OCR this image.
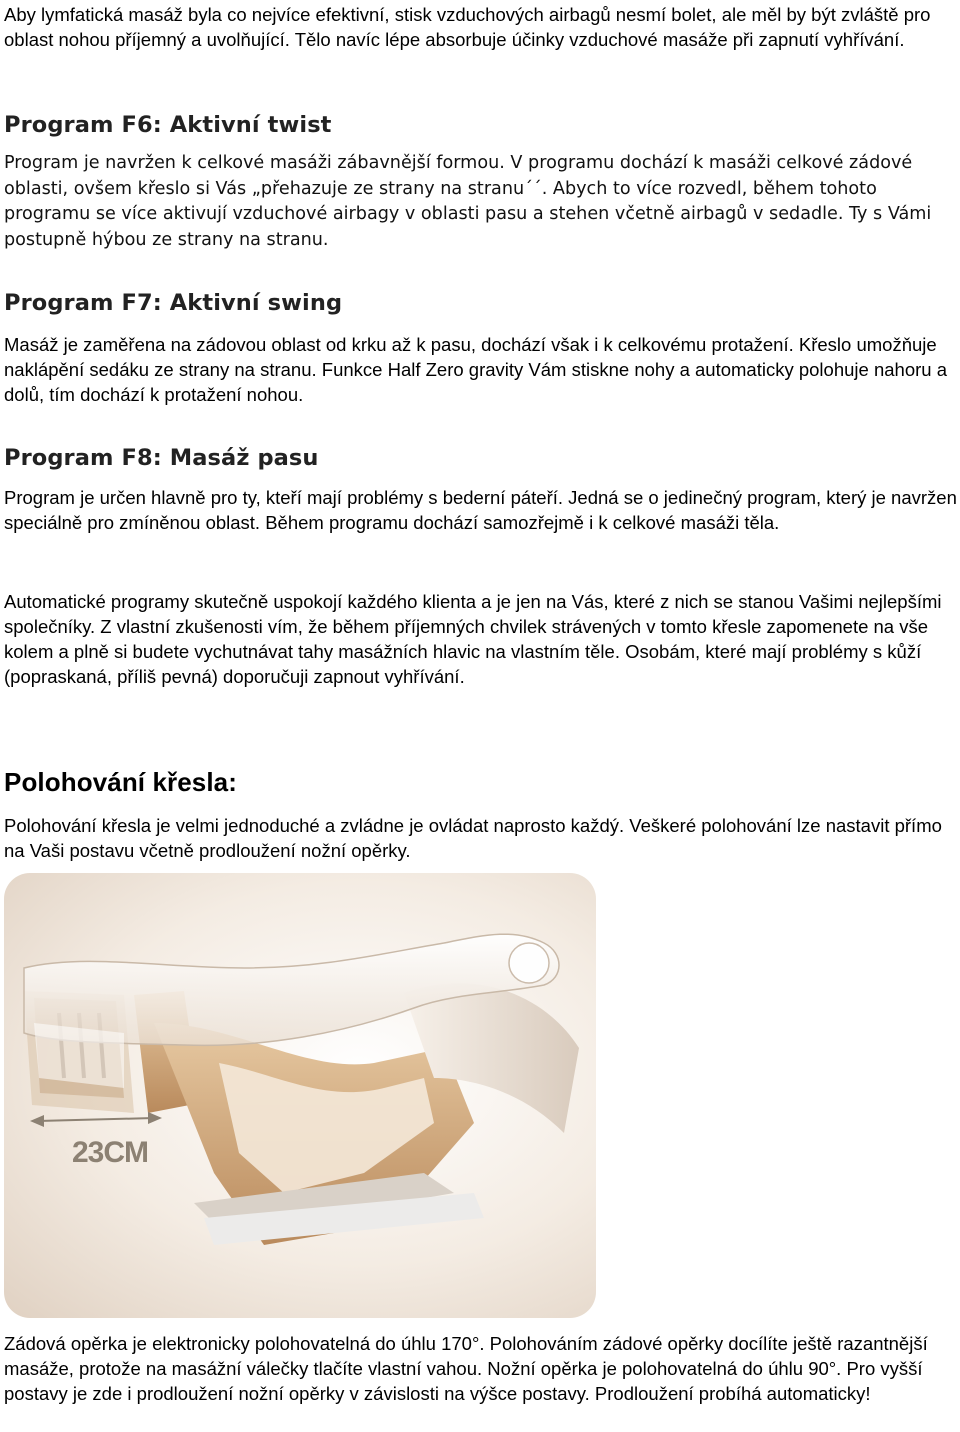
Aby lymfatická masáž byla co nejvíce efektivní, stisk vzduchových airbagů nesmí bolet, ale měl by být zvláště pro oblast nohou příjemný a uvolňující. Tělo navíc lépe absorbuje účinky vzduchové masáže při zapnutí vyhřívání.

Program F6: Aktivní twist

Program je navržen k celkové masáži zábavnější formou. V programu dochází k masáži celkové zádové oblasti, ovšem křeslo si Vás „přehazuje ze strany na stranu´´. Abych to více rozvedl, během tohoto programu se více aktivují vzduchové airbagy v oblasti pasu a stehen včetně airbagů v sedadle. Ty s Vámi postupně hýbou ze strany na stranu.

Program F7: Aktivní swing

Masáž je zaměřena na zádovou oblast od krku až k pasu, dochází však i k celkovému protažení. Křeslo umožňuje naklápění sedáku ze strany na stranu. Funkce Half Zero gravity Vám stiskne nohy a automaticky polohuje nahoru a dolů, tím dochází k protažení nohou.

Program F8: Masáž pasu

Program je určen hlavně pro ty, kteří mají problémy s bederní páteří. Jedná se o jedinečný program, který je navržen speciálně pro zmíněnou oblast. Během programu dochází samozřejmě i k celkové masáži těla.

Automatické programy skutečně uspokojí každého klienta a je jen na Vás, které z nich se stanou Vašimi nejlepšími společníky. Z vlastní zkušenosti vím, že během příjemných chvilek strávených v tomto křesle zapomenete na vše kolem a plně si budete vychutnávat tahy masážních hlavic na vlastním těle. Osobám, které mají problémy s kůží (popraskaná, příliš pevná) doporučuji zapnout vyhřívání.

Polohování křesla:

Polohování křesla je velmi jednoduché a zvládne je ovládat naprosto každý. Veškeré polohování lze nastavit přímo na Vaši postavu včetně prodloužení nožní opěrky.

Zádová opěrka je elektronicky polohovatelná do úhlu 170°. Polohováním zádové opěrky docílíte ještě razantnější masáže, protože na masážní válečky tlačíte vlastní vahou. Nožní opěrka je polohovatelná do úhlu 90°. Pro vyšší postavy je zde i prodloužení nožní opěrky v závislosti na výšce postavy. Prodloužení probíhá automaticky!

23CM
